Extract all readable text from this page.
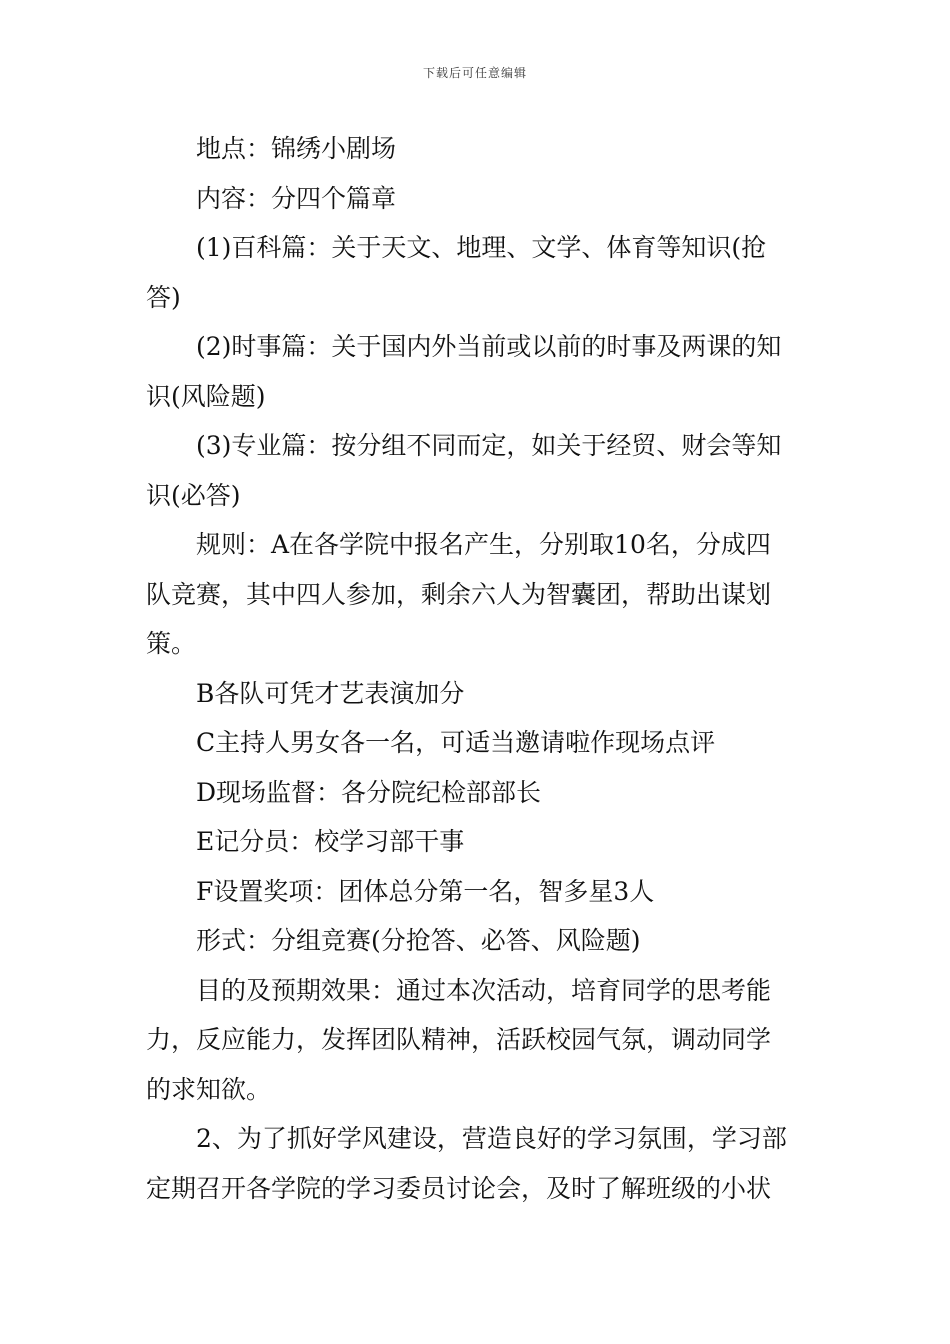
下载后可任意编辑

地点：锦绣小剧场

内容：分四个篇章

(1)百科篇：关于天文、地理、文学、体育等知识(抢

答)

(2)时事篇：关于国内外当前或以前的时事及两课的知

识(风险题)

(3)专业篇：按分组不同而定，如关于经贸、财会等知

识(必答)

规则：A在各学院中报名产生，分别取10名，分成四

队竞赛，其中四人参加，剩余六人为智囊团，帮助出谋划

策。

B各队可凭才艺表演加分

C主持人男女各一名，可适当邀请啦作现场点评

D现场监督：各分院纪检部部长

E记分员：校学习部干事

F设置奖项：团体总分第一名，智多星3人

形式：分组竞赛(分抢答、必答、风险题)

目的及预期效果：通过本次活动，培育同学的思考能

力，反应能力，发挥团队精神，活跃校园气氛，调动同学

的求知欲。

2、为了抓好学风建设，营造良好的学习氛围，学习部

定期召开各学院的学习委员讨论会，及时了解班级的小状
